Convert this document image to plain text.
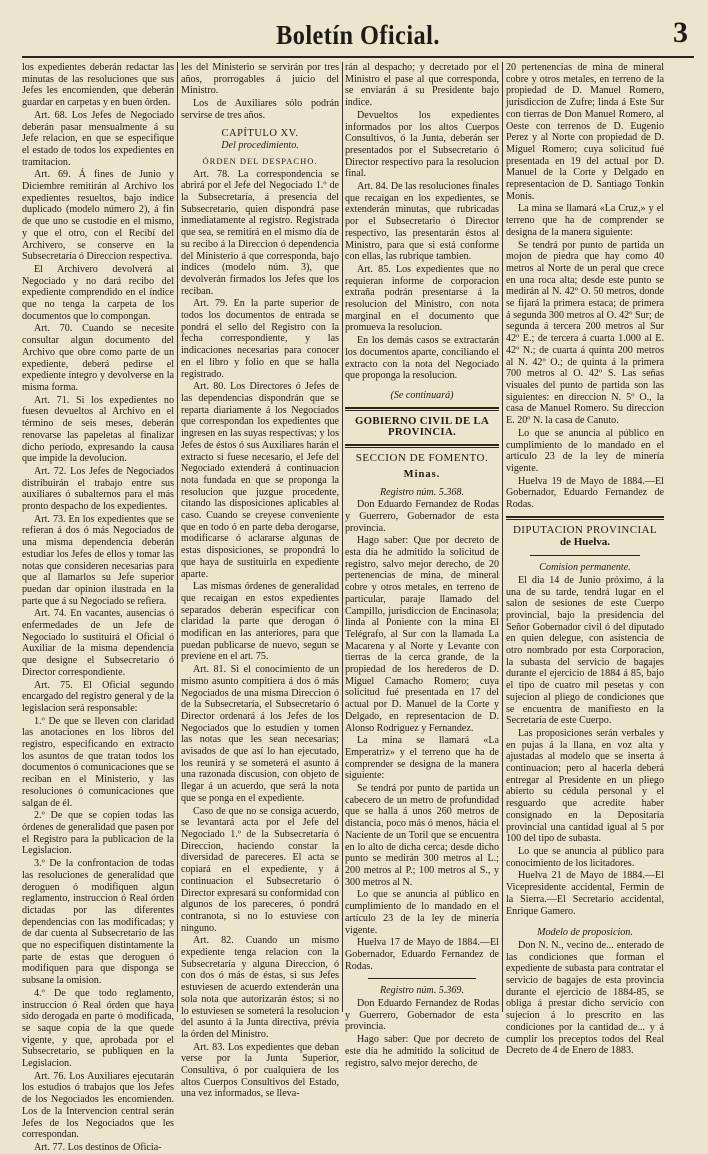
Boletín Oficial.	3

los expedientes deberán redactar las minutas de las resoluciones que sus Jefes les encomienden, que deberán guardar en carpetas y en buen órden.

Art. 68. Los Jefes de Negociado deberán pasar mensualmente á su Jefe relacion, en que se especifique el estado de todos los expedientes en tramitacion.

Art. 69. Á fines de Junio y Diciembre remitirán al Archivo los expedientes resueltos, bajo índice duplicado (modelo número 2), á fin de que uno se custodie en el mismo, y que el otro, con el Recibí del Archivero, se conserve en la Subsecretaría ó Direccion respectiva.

El Archivero devolverá al Negociado y no dará recibo del expediente comprendido en el índice que no tenga la carpeta de los documentos que lo compongan.

Art. 70. Cuando se necesite consultar algun documento del Archivo que obre como parte de un expediente, deberá pedirse el expediente íntegro y devolverse en la misma forma.

Art. 71. Si los expedientes no fuesen devueltos al Archivo en el término de seis meses, deberán renovarse las papeletas al finalizar dicho período, expresando la causa que impide la devolucion.

Art. 72. Los Jefes de Negociados distribuirán el trabajo entre sus auxiliares ó subalternos para el más pronto despacho de los expedientes.

Art. 73. En los expedientes que se refieran á dos ó más Negociados de una misma dependencia deberán estudiar los Jefes de ellos y tomar las notas que consideren necesarias para que al llamarlos su Jefe superior puedan dar opinion ilustrada en la parte que á su Negociado se refiera.

Art. 74. En vacantes, ausencias ó enfermedades de un Jefe de Negociado lo sustituirá el Oficial ó Auxiliar de la misma dependencia que designe el Subsecretario ó Director correspondiente.

Art. 75. El Oficial segundo encargado del registro general y de la legislacion será responsable:

1.º De que se lleven con claridad las anotaciones en los libros del registro, especificando en extracto los asuntos de que tratan todos los documentos ó comunicaciones que se reciban en el Ministerio, y las resoluciones ó comunicaciones que salgan de él.

2.º De que se copien todas las órdenes de generalidad que pasen por el Registro para la publicacion de la Legislacion.

3.º De la confrontacion de todas las resoluciones de generalidad que deroguen ó modifiquen algun reglamento, instruccion ó Real órden dictadas por las diferentes dependencias con las modificadas; y de dar cuenta al Subsecretario de las que no especifiquen distintamente la parte de estas que deroguen ó modifiquen para que disponga se subsane la omision.

4.º De que todo reglamento, instruccion ó Real órden que haya sido derogada en parte ó modificada, se saque copia de la que quede vigente, y que, aprobada por el Subsecretario, se publiquen en la Legislacion.

Art. 76. Los Auxiliares ejecutarán los estudios ó trabajos que los Jefes de los Negociados les encomienden. Los de la Intervencion central serán Jefes de los Negociados que les correspondan.

Art. 77. Los destinos de Oficia-

les del Ministerio se servirán por tres años, prorrogables á juicio del Ministro.

Los de Auxiliares sólo podrán servirse de tres años.

CAPÍTULO XV.

Del procedimiento.

ÓRDEN DEL DESPACHO.

Art. 78. La correspondencia se abrirá por el Jefe del Negociado 1.º de la Subsecretaría, á presencia del Subsecretario, quien dispondrá pase inmediatamente al registro. Registrada que sea, se remitirá en el mismo día de su recibo á la Direccion ó dependencia del Ministerio á que corresponda, bajo índices (modelo núm. 3), que devolverán firmados los Jefes que los reciban.

Art. 79. En la parte superior de todos los documentos de entrada se pondrá el sello del Registro con la fecha correspondiente, y las indicaciones necesarias para conocer en el libro y folio en que se halla registrado.

Art. 80. Los Directores ó Jefes de las dependencias dispondrán que se reparta diariamente á los Negociados que correspondan los expedientes que ingresen en las suyas respectivas; y los Jefes de éstos ó sus Auxiliares harán el extracto si fuese necesario, el Jefe del Negociado extenderá á continuacion nota fundada en que se proponga la resolucion que juzgue procedente, citando las disposiciones aplicables al caso. Cuando se creyese conveniente que en todo ó en parte deba derogarse, modificarse ó aclararse algunas de estas disposiciones, se propondrá lo que haya de sustituirla en expediente aparte.

Las mismas órdenes de generalidad que recaigan en estos expedientes separados deberán especificar con claridad la parte que derogan ó modifican en las anteriores, para que puedan publicarse de nuevo, segun se previene en el art. 75.

Art. 81. Si el conocimiento de un mismo asunto compitiera á dos ó más Negociados de una misma Direccion ó de la Subsecretaría, el Subsecretario ó Director ordenará á los Jefes de los Negociados que lo estudien y tomen las notas que les sean necesarias; avisados de que así lo han ejecutado, los reunirá y se someterá el asunto á una razonada discusion, con objeto de llegar á un acuerdo, que será la nota que se ponga en el expediente.

Caso de que no se consiga acuerdo, se levantará acta por el Jefe del Negociado 1.º de la Subsecretaría ó Direccion, haciendo constar la diversidad de pareceres. El acta se copiará en el expediente, y á continuacion el Subsecretario ó Director expresará su conformidad con algunos de los pareceres, ó pondrá contranota, si no lo estuviese con ninguno.

Art. 82. Cuando un mismo expediente tenga relacion con la Subsecretaría y alguna Direccion, ó con dos ó más de éstas, si sus Jefes estuviesen de acuerdo extenderán una sola nota que autorizarán éstos; si no lo estuviesen se someterá la resolucion del asunto á la Junta directiva, prévia la órden del Ministro.

Art. 83. Los expedientes que deban verse por la Junta Superior, Consultiva, ó por cualquiera de los altos Cuerpos Consultivos del Estado, una vez informados, se lleva-

rán al despacho; y decretado por el Ministro el pase al que corresponda, se enviarán á su Presidente bajo índice.

Devueltos los expedientes informados por los altos Cuerpos Consultivos, ó la Junta, deberán ser presentados por el Subsecretario ó Director respectivo para la resolucion final.

Art. 84. De las resoluciones finales que recaigan en los expedientes, se extenderán minutas, que rubricadas por el Subsecretario ó Director respectivo, las presentarán éstos al Ministro, para que si está conforme con ellas, las rubrique tambien.

Art. 85. Los expedientes que no requieran informe de corporacion extraña podrán presentarse á la resolucion del Ministro, con nota marginal en el documento que promueva la resolucion.

En los demás casos se extractarán los documentos aparte, conciliando el extracto con la nota del Negociado que proponga la resolucion.

(Se continuará)

GOBIERNO CIVIL DE LA PROVINCIA.

SECCION DE FOMENTO.

Minas.

Registro núm. 5.368.

Don Eduardo Fernandez de Rodas y Guerrero, Gobernador de esta provincia.

Hago saber: Que por decreto de esta día he admitido la solicitud de registro, salvo mejor derecho, de 20 pertenencias de mina, de mineral cobre y otros metales, en terreno de particular, paraje llamado del Campillo, jurisdiccion de Encinasola; linda al Poniente con la mina El Telégrafo, al Sur con la llamada La Macarena y al Norte y Levante con tierras de la cerca grande, de la propiedad de los herederos de D. Miguel Camacho Romero; cuya solicitud fué presentada en 17 del actual por D. Manuel de la Corte y Delgado, en representacion de D. Alonso Rodriguez y Fernandez.

La mina se llamará «La Emperatriz» y el terreno que ha de comprender se designa de la manera siguiente:

Se tendrá por punto de partida un cabecero de un metro de profundidad que se halla á unos 260 metros de distancia, poco más ó menos, hácia el Naciente de un Toril que se encuentra en lo alto de dicha cerca; desde dicho punto se medirán 300 metros al L.; 200 metros al P.; 100 metros al S., y 300 metros al N.

Lo que se anuncia al público en cumplimiento de lo mandado en el artículo 23 de la ley de minería vigente.

Huelva 17 de Mayo de 1884.—El Gobernador, Eduardo Fernandez de Rodas.

Registro núm. 5.369.

Don Eduardo Fernandez de Rodas y Guerrero, Gobernador de esta provincia.

Hago saber: Que por decreto de este día he admitido la solicitud de registro, salvo mejor derecho, de

20 pertenencias de mina de mineral cobre y otros metales, en terreno de la propiedad de D. Manuel Romero, jurisdiccion de Zufre; linda á Este Sur con tierras de Don Manuel Romero, al Oeste con terrenos de D. Eugenio Perez y al Norte con propiedad de D. Miguel Romero; cuya solicitud fué presentada en 19 del actual por D. Manuel de la Corte y Delgado en representacion de D. Santiago Tonkin Monis.

La mina se llamará «La Cruz,» y el terreno que ha de comprender se designa de la manera siguiente:

Se tendrá por punto de partida un mojon de piedra que hay como 40 metros al Norte de un peral que crece en una roca alta; desde este punto se medirán al N. 42º O. 50 metros, donde se fijará la primera estaca; de primera á segunda 300 metros al O. 42º Sur; de segunda á tercera 200 metros al Sur 42º E.; de tercera á cuarta 1.000 al E. 42º N.; de cuarta á quinta 200 metros al N. 42º O.; de quinta á la primera 700 metros al O. 42º S. Las señas visuales del punto de partida son las siguientes: en direccion N. 5º O., la casa de Manuel Romero. Su direccion E. 20º N. la casa de Canuto.

Lo que se anuncia al público en cumplimiento de lo mandado en el artículo 23 de la ley de minería vigente.

Huelva 19 de Mayo de 1884.—El Gobernador, Eduardo Fernandez de Rodas.

DIPUTACION PROVINCIAL

de Huelva.

Comision permanente.

El dia 14 de Junio próximo, á la una de su tarde, tendrá lugar en el salon de sesiones de este Cuerpo provincial, bajo la presidencia del Señor Gobernador civil ó del diputado en quien delegue, con asistencia de otro nombrado por esta Corporacion, la subasta del servicio de bagajes durante el ejercicio de 1884 á 85, bajo el tipo de cuatro mil pesetas y con sujecion al pliego de condiciones que se encuentra de manifiesto en la Secretaría de este Cuerpo.

Las proposiciones serán verbales y en pujas á la llana, en voz alta y ajustadas al modelo que se inserta á continuacion; pero al hacerla deberá entregar al Presidente en un pliego abierto su cédula personal y el resguardo que acredite haber consignado en la Depositaría provincial una cantidad igual al 5 por 100 del tipo de subasta.

Lo que se anuncia al público para conocimiento de los licitadores.

Huelva 21 de Mayo de 1884.—El Vicepresidente accidental, Fermin de la Sierra.—El Secretario accidental, Enrique Gamero.

Modelo de proposicion.

Don N. N., vecino de... enterado de las condiciones que forman el expediente de subasta para contratar el servicio de bagajes de esta provincia durante el ejercicio de 1884-85, se obliga á prestar dicho servicio con sujecion á lo prescrito en las condiciones por la cantidad de... y á cumplir los preceptos todos del Real Decreto de 4 de Enero de 1883.
